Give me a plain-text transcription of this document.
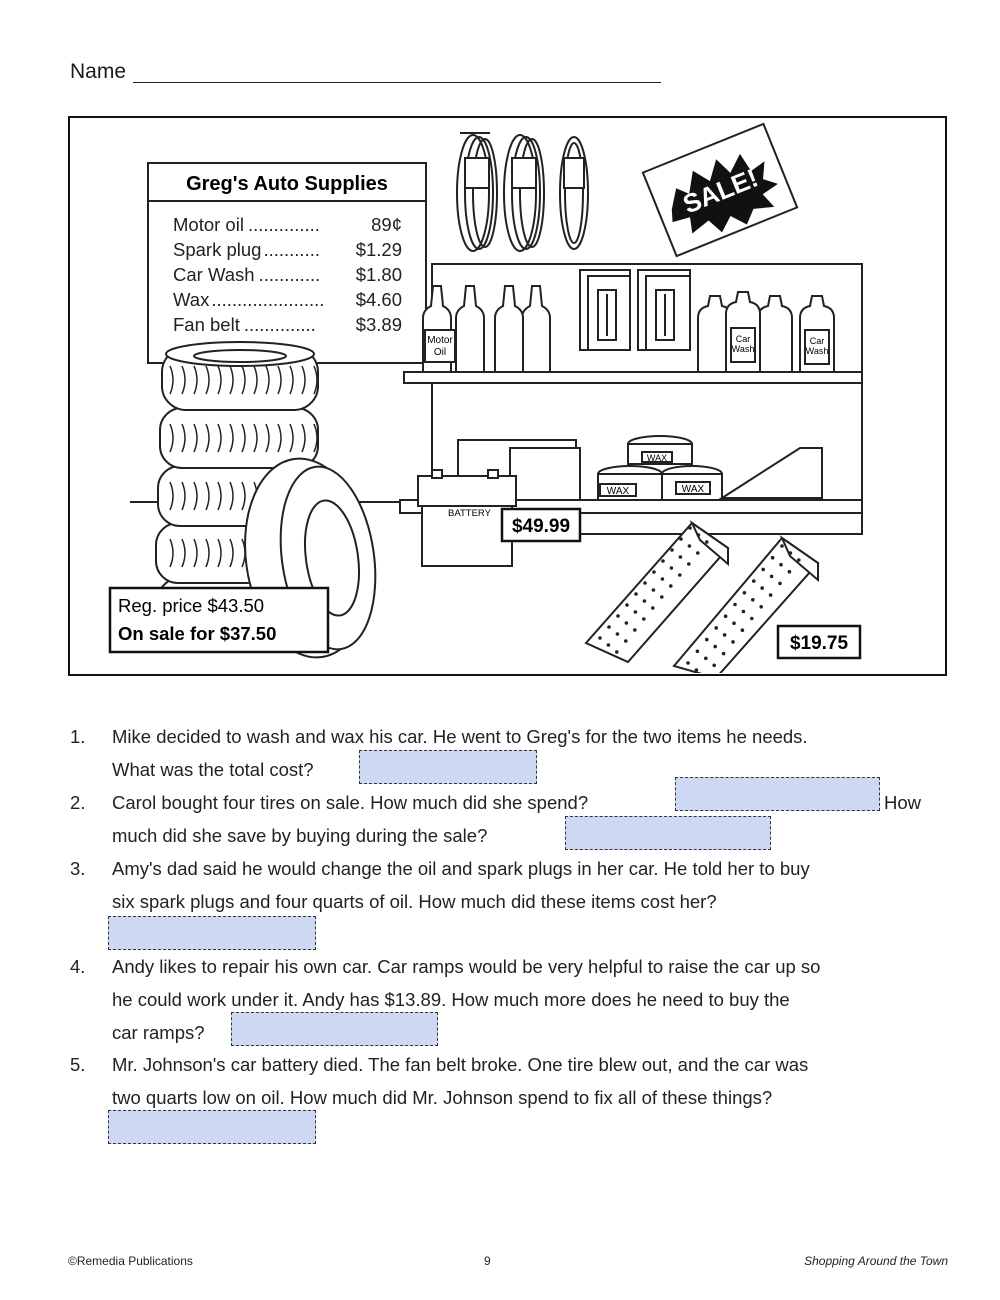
Name
Greg's Auto Supplies
Motor oil ..............	89¢
Spark plug ........... $1.29
Car Wash ............ $1.80
Wax ...................... $4.60
Fan belt .............. $3.89
SALE!
Motor
Oil
Car
Wash
Car
Wash
WAX	WAX
WAX
BATTERY
$49.99
$19.75
Reg. price $43.50
On sale for $37.50
1. Mike decided to wash and wax his car. He went to Greg's for the two items he needs.
What was the total cost?
2. Carol bought four tires on sale. How much did she spend?	How
much did she save by buying during the sale?
3. Amy's dad said he would change the oil and spark plugs in her car. He told her to buy
six spark plugs and four quarts of oil. How much did these items cost her?
4. Andy likes to repair his own car. Car ramps would be very helpful to raise the car up so
he could work under it. Andy has $13.89. How much more does he need to buy the
car ramps?
5. Mr. Johnson's car battery died. The fan belt broke. One tire blew out, and the car was
two quarts low on oil. How much did Mr. Johnson spend to fix all of these things?
©Remedia Publications	9	Shopping Around the Town
